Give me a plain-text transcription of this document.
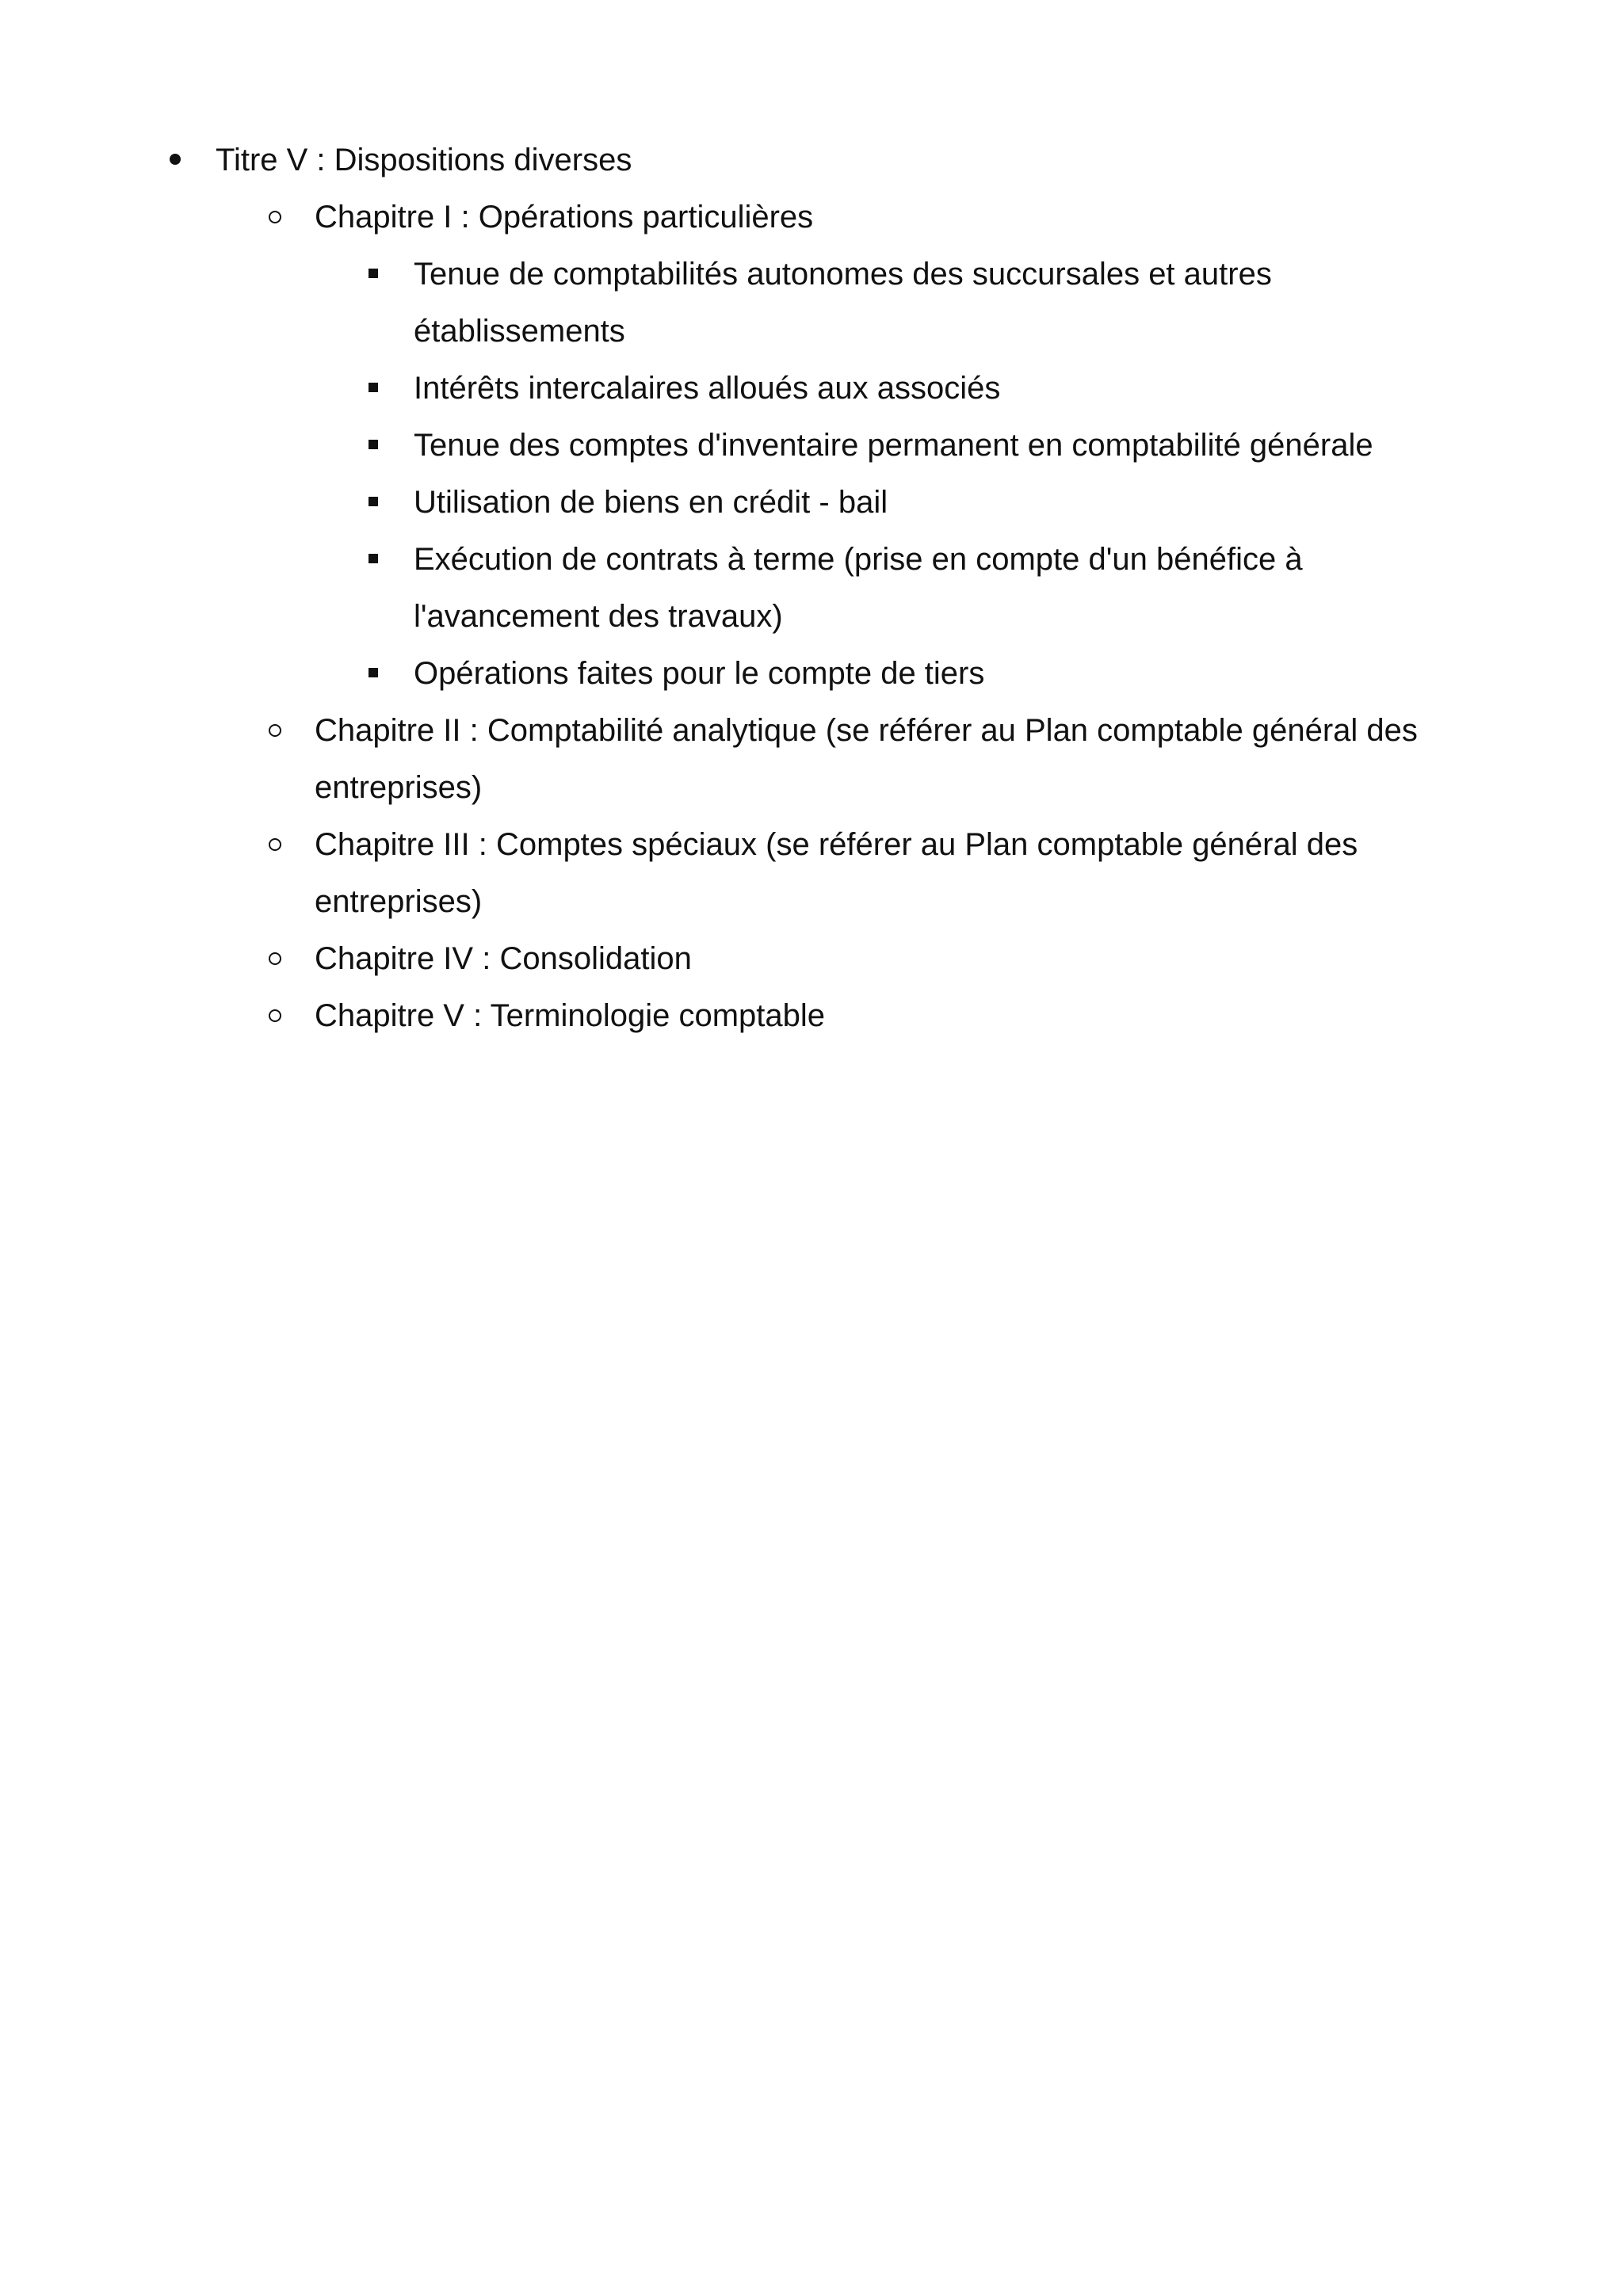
Titre V : Dispositions diverses
Chapitre I : Opérations particulières
Tenue de comptabilités autonomes des succursales et autres établissements
Intérêts intercalaires alloués aux associés
Tenue des comptes d'inventaire permanent en comptabilité générale
Utilisation de biens en crédit - bail
Exécution de contrats à terme (prise en compte d'un bénéfice à l'avancement des travaux)
Opérations faites pour le compte de tiers
Chapitre II : Comptabilité analytique (se référer au Plan comptable général des entreprises)
Chapitre III : Comptes spéciaux (se référer au Plan comptable général des entreprises)
Chapitre IV : Consolidation
Chapitre V : Terminologie comptable
